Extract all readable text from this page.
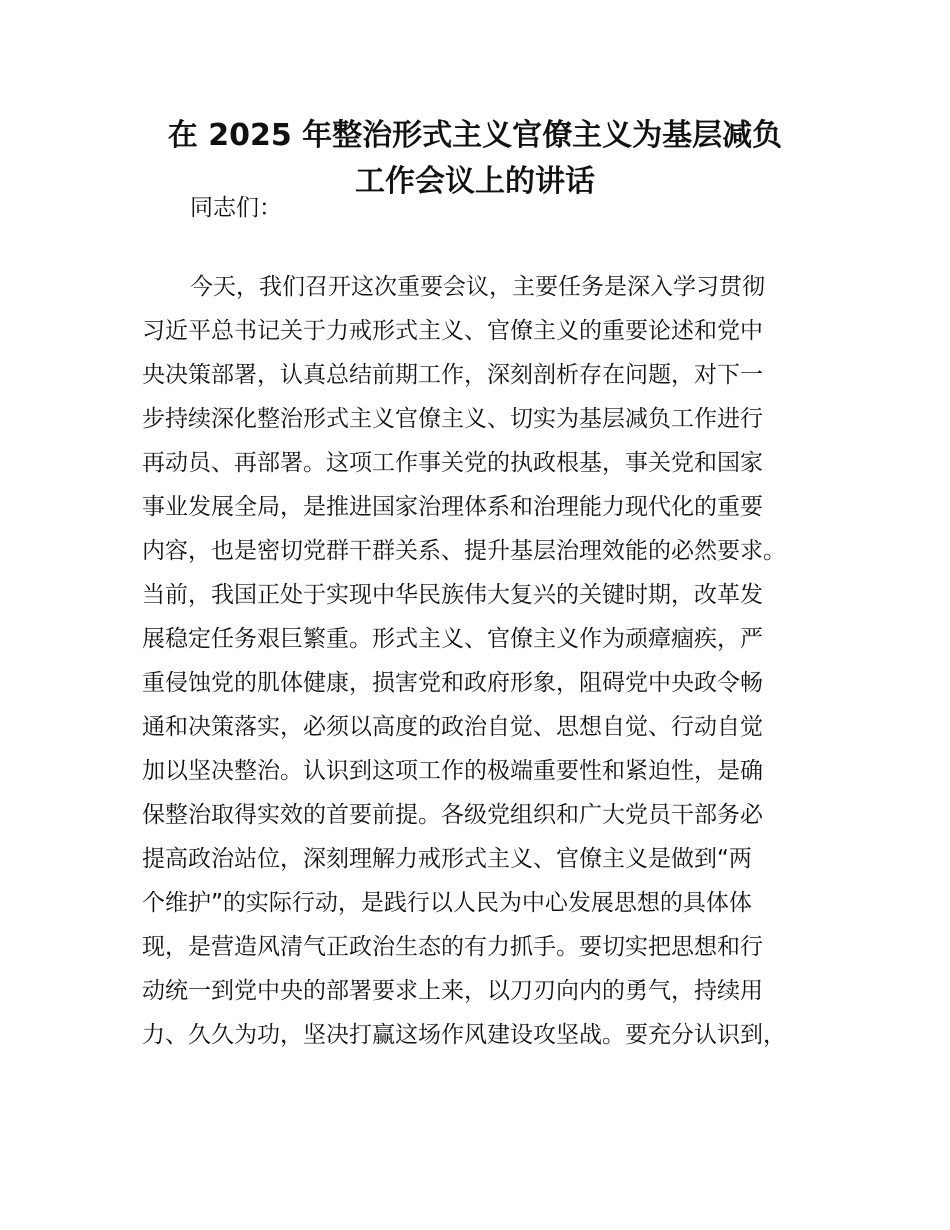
在 2025 年整治形式主义官僚主义为基层减负
工作会议上的讲话

同志们：

今天，我们召开这次重要会议，主要任务是深入学习贯彻

习近平总书记关于力戒形式主义、官僚主义的重要论述和党中

央决策部署，认真总结前期工作，深刻剖析存在问题，对下一

步持续深化整治形式主义官僚主义、切实为基层减负工作进行

再动员、再部署。这项工作事关党的执政根基，事关党和国家

事业发展全局，是推进国家治理体系和治理能力现代化的重要

内容，也是密切党群干群关系、提升基层治理效能的必然要求。

当前，我国正处于实现中华民族伟大复兴的关键时期，改革发

展稳定任务艰巨繁重。形式主义、官僚主义作为顽瘴痼疾，严

重侵蚀党的肌体健康，损害党和政府形象，阻碍党中央政令畅

通和决策落实，必须以高度的政治自觉、思想自觉、行动自觉

加以坚决整治。认识到这项工作的极端重要性和紧迫性，是确

保整治取得实效的首要前提。各级党组织和广大党员干部务必

提高政治站位，深刻理解力戒形式主义、官僚主义是做到“两

个维护”的实际行动，是践行以人民为中心发展思想的具体体

现，是营造风清气正政治生态的有力抓手。要切实把思想和行

动统一到党中央的部署要求上来，以刀刃向内的勇气，持续用

力、久久为功，坚决打赢这场作风建设攻坚战。要充分认识到，
